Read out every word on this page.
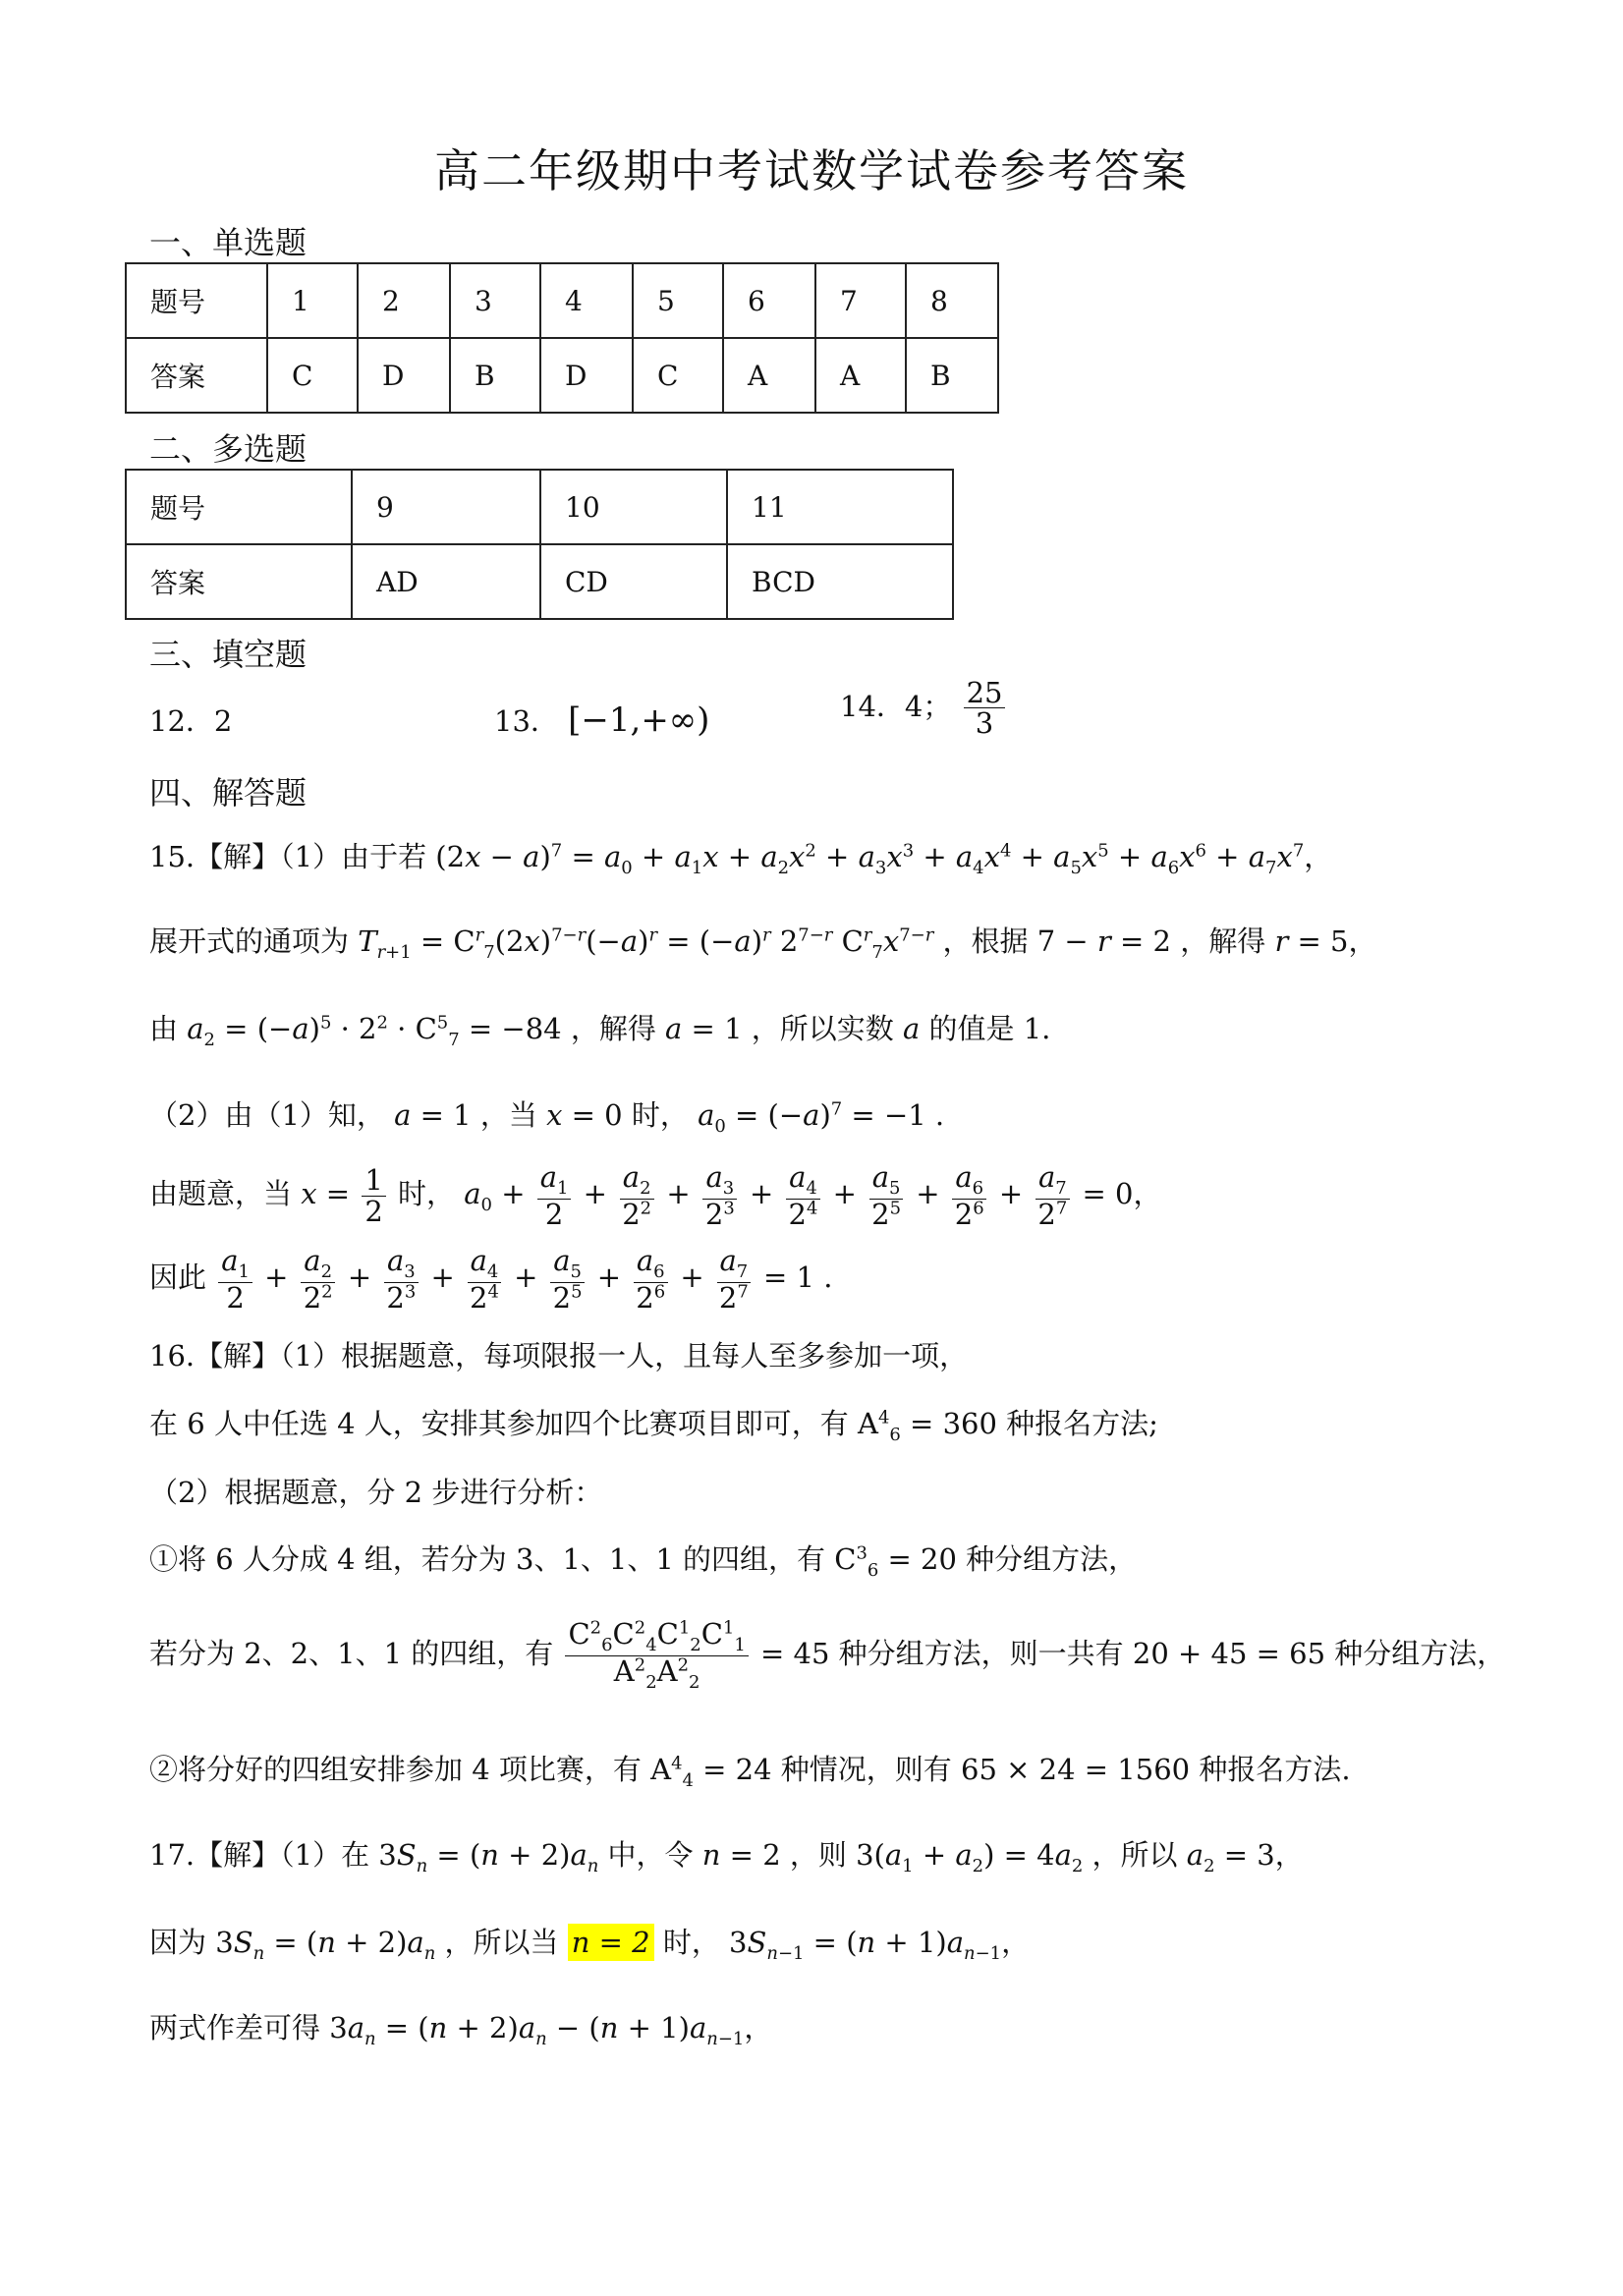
高二年级期中考试数学试卷参考答案
一、单选题
题号	1	2	3	4	5	6	7	8
答案	C	D	B	D	C	A	A	B
二、多选题
题号	9	10	11
答案	AD	CD	BCD
三、填空题
12．2	13． [−1,+∞)	14．4； $\frac{25}{3}$
四、解答题
15.【解】（1）由于若 $(2x - a)^7 = a_0 + a_1x + a_2x^2 + a_3x^3 + a_4x^4 + a_5x^5 + a_6x^6 + a_7x^7$，
展开式的通项为 $T_{r+1} = C^r_7(2x)^{7-r}(-a)^r = (-a)^r$ $2^{7-r}$ $C^r_7x^{7-r}$ ，根据 7 − r = 2 ，解得 r = 5，
由 $a_2 = (-a)^5 \cdot 2^2 \cdot C^5_7 = -84$ ，解得 a = 1 ，所以实数 a 的值是 1.
（2）由（1）知， a = 1 ，当 x = 0 时， $a_0 = (-a)^7 = -1$ .
由题意，当 $x = \frac{1}{2}$ 时， $a_0 + \frac{a_1}{2} + \frac{a_2}{2^2} + \frac{a_3}{2^3} + \frac{a_4}{2^4} + \frac{a_5}{2^5} + \frac{a_6}{2^6} + \frac{a_7}{2^7} = 0$，
因此 $\frac{a_1}{2} + \frac{a_2}{2^2} + \frac{a_3}{2^3} + \frac{a_4}{2^4} + \frac{a_5}{2^5} + \frac{a_6}{2^6} + \frac{a_7}{2^7} = 1$ .
16.【解】（1）根据题意，每项限报一人，且每人至多参加一项，
在 6 人中任选 4 人，安排其参加四个比赛项目即可，有 $A^4_6 = 360$ 种报名方法;
（2）根据题意，分 2 步进行分析：
①将 6 人分成 4 组，若分为 3、1、1、1 的四组，有 $C^3_6 = 20$ 种分组方法，
若分为 2、2、1、1 的四组，有 $\frac{C^2_6C^2_4C^1_2C^1_1}{A^2_2A^2_2} = 45$ 种分组方法，则一共有 20 + 45 = 65 种分组方法，
②将分好的四组安排参加 4 项比赛，有 $A^4_4 = 24$ 种情况，则有 65 × 24 = 1560 种报名方法.
17.【解】（1）在 $3S_n = (n + 2)a_n$ 中，令 n = 2 ，则 $3(a_1 + a_2) = 4a_2$ ，所以 $a_2 = 3$，
因为 $3S_n = (n + 2)a_n$ ，所以当 n = 2 时， $3S_{n-1} = (n + 1)a_{n-1}$，
两式作差可得 $3a_n = (n + 2)a_n - (n + 1)a_{n-1}$，
